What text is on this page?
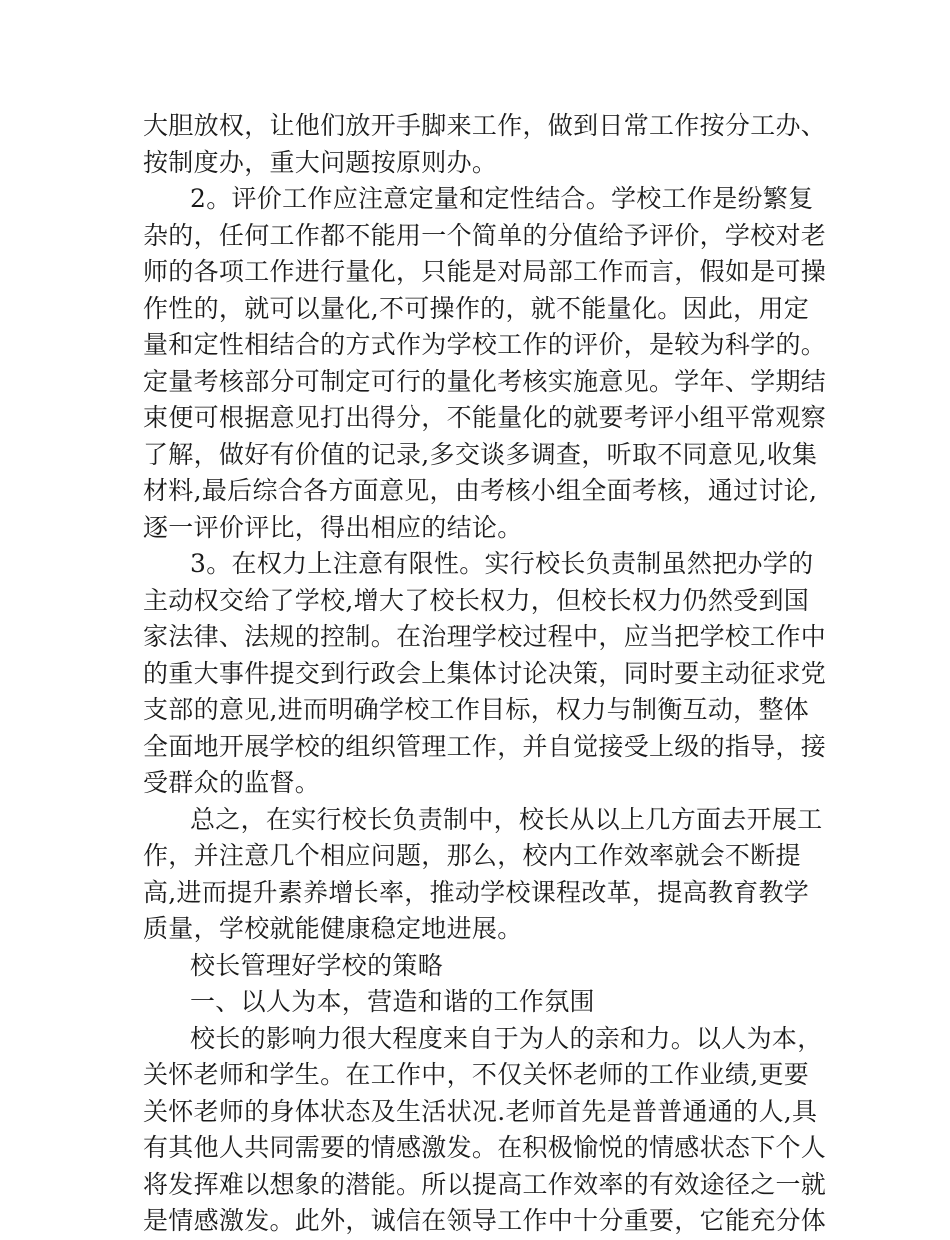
大胆放权，让他们放开手脚来工作，做到日常工作按分工办、
按制度办，重大问题按原则办。
2。评价工作应注意定量和定性结合。学校工作是纷繁复
杂的，任何工作都不能用一个简单的分值给予评价，学校对老
师的各项工作进行量化，只能是对局部工作而言，假如是可操
作性的，就可以量化,不可操作的，就不能量化。因此，用定
量和定性相结合的方式作为学校工作的评价，是较为科学的。
定量考核部分可制定可行的量化考核实施意见。学年、学期结
束便可根据意见打出得分，不能量化的就要考评小组平常观察
了解，做好有价值的记录,多交谈多调查，听取不同意见,收集
材料,最后综合各方面意见，由考核小组全面考核，通过讨论,
逐一评价评比，得出相应的结论。
3。在权力上注意有限性。实行校长负责制虽然把办学的
主动权交给了学校,增大了校长权力，但校长权力仍然受到国
家法律、法规的控制。在治理学校过程中，应当把学校工作中
的重大事件提交到行政会上集体讨论决策，同时要主动征求党
支部的意见,进而明确学校工作目标，权力与制衡互动，整体
全面地开展学校的组织管理工作，并自觉接受上级的指导，接
受群众的监督。
总之，在实行校长负责制中，校长从以上几方面去开展工
作，并注意几个相应问题，那么，校内工作效率就会不断提
高,进而提升素养增长率，推动学校课程改革，提高教育教学
质量，学校就能健康稳定地进展。
校长管理好学校的策略
一、以人为本，营造和谐的工作氛围
校长的影响力很大程度来自于为人的亲和力。以人为本，
关怀老师和学生。在工作中，不仅关怀老师的工作业绩,更要
关怀老师的身体状态及生活状况.老师首先是普普通通的人,具
有其他人共同需要的情感激发。在积极愉悦的情感状态下个人
将发挥难以想象的潜能。所以提高工作效率的有效途径之一就
是情感激发。此外，诚信在领导工作中十分重要，它能充分体
